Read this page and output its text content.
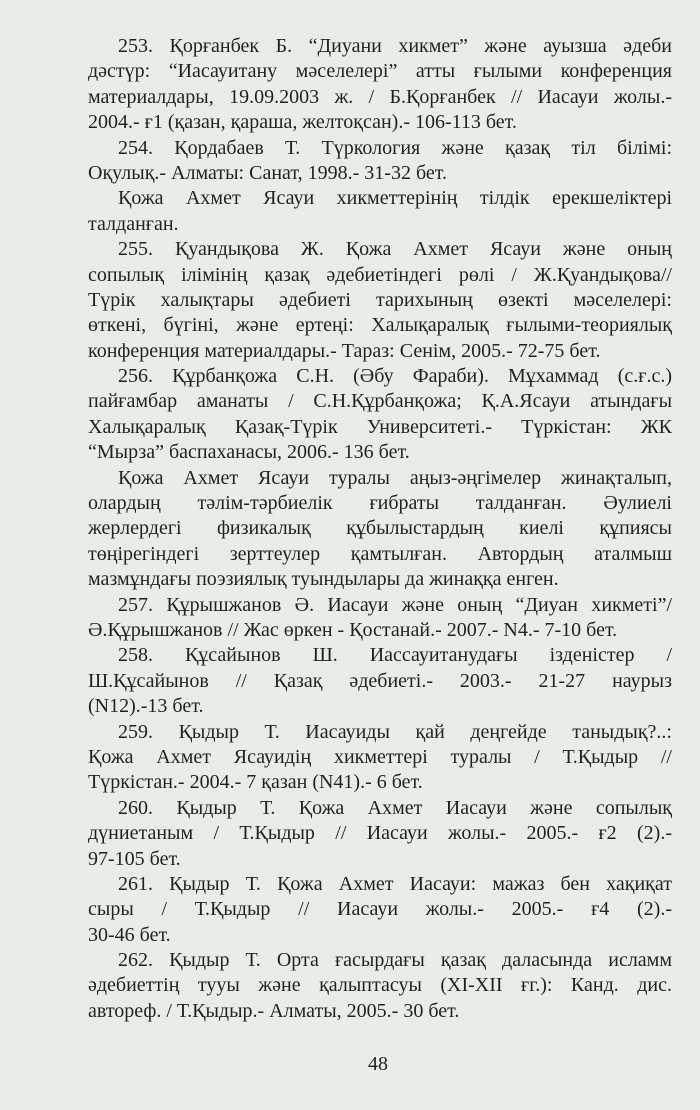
253. Қорғанбек Б. “Диуани хикмет” және ауызша әдеби
дәстүр: “Иасауитану мәселелері” атты ғылыми конференция
материалдары, 19.09.2003 ж. / Б.Қорғанбек // Иасауи жолы.-
2004.- ғ1 (қазан, қараша, желтоқсан).- 106-113 бет.
254. Қордабаев Т. Түркология және қазақ тіл білімі:
Оқулық.- Алматы: Санат, 1998.- 31-32 бет.
Қожа Ахмет Ясауи хикметтерінің тілдік ерекшеліктері
талданған.
255. Қуандықова Ж. Қожа Ахмет Ясауи және оның
сопылық ілімінің қазақ әдебиетіндегі рөлі / Ж.Қуандықова//
Түрік халықтары әдебиеті тарихының өзекті мәселелері:
өткені, бүгіні, және ертеңі: Халықаралық ғылыми-теориялық
конференция материалдары.- Тараз: Сенім, 2005.- 72-75 бет.
256. Құрбанқожа С.Н. (Әбу Фараби). Мұхаммад (с.ғ.с.)
пайғамбар аманаты / С.Н.Құрбанқожа; Қ.А.Ясауи атындағы
Халықаралық Қазақ-Түрік Университеті.- Түркістан: ЖК
“Мырза” баспаханасы, 2006.- 136 бет.
Қожа Ахмет Ясауи туралы аңыз-әңгімелер жинақталып,
олардың тәлім-тәрбиелік ғибраты талданған. Әулиелі
жерлердегі физикалық құбылыстардың киелі құпиясы
төңірегіндегі зерттеулер қамтылған. Автордың аталмыш
мазмұндағы поэзиялық туындылары да жинаққа енген.
257. Құрышжанов Ә. Иасауи және оның “Диуан хикметі”/
Ә.Құрышжанов // Жас өркен - Қостанай.- 2007.- N4.- 7-10 бет.
258. Құсайынов Ш. Иассауитанудағы ізденістер /
Ш.Құсайынов // Қазақ әдебиеті.- 2003.- 21-27 наурыз
(N12).-13 бет.
259. Қыдыр Т. Иасауиды қай деңгейде таныдық?..:
Қожа Ахмет Ясауидің хикметтері туралы / Т.Қыдыр //
Түркістан.- 2004.- 7 қазан (N41).- 6 бет.
260. Қыдыр Т. Қожа Ахмет Иасауи және сопылық
дүниетаным / Т.Қыдыр // Иасауи жолы.- 2005.- ғ2 (2).-
97-105 бет.
261. Қыдыр Т. Қожа Ахмет Иасауи: мажаз бен хақиқат
сыры / Т.Қыдыр // Иасауи жолы.- 2005.- ғ4 (2).-
30-46 бет.
262. Қыдыр Т. Орта ғасырдағы қазақ даласында исламм
әдебиеттің тууы және қалыптасуы (XI-XII ғг.): Канд. дис.
автореф. / Т.Қыдыр.- Алматы, 2005.- 30 бет.
48
